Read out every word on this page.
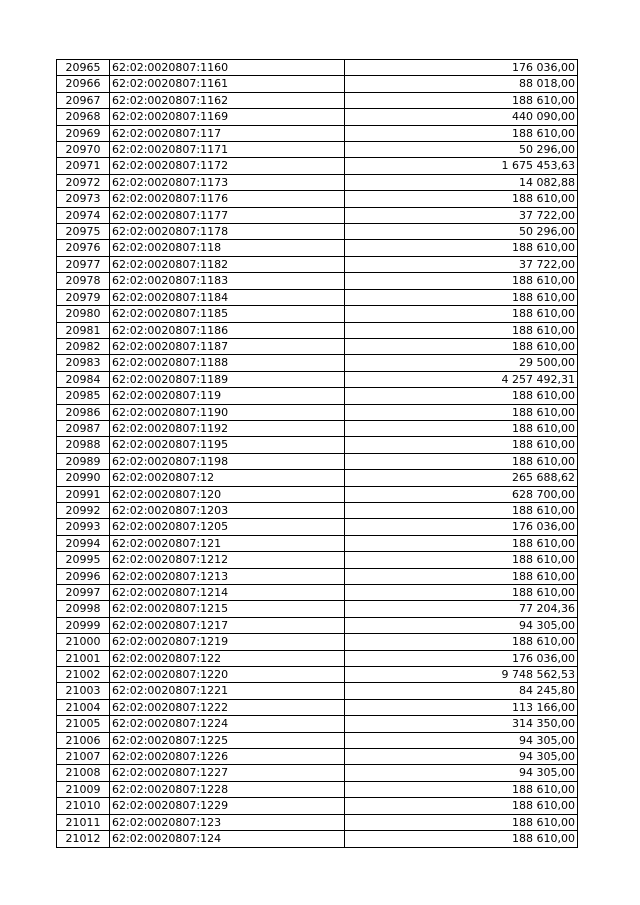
20965	62:02:0020807:1160	176 036,00
20966	62:02:0020807:1161	88 018,00
20967	62:02:0020807:1162	188 610,00
20968	62:02:0020807:1169	440 090,00
20969	62:02:0020807:117	188 610,00
20970	62:02:0020807:1171	50 296,00
20971	62:02:0020807:1172	1 675 453,63
20972	62:02:0020807:1173	14 082,88
20973	62:02:0020807:1176	188 610,00
20974	62:02:0020807:1177	37 722,00
20975	62:02:0020807:1178	50 296,00
20976	62:02:0020807:118	188 610,00
20977	62:02:0020807:1182	37 722,00
20978	62:02:0020807:1183	188 610,00
20979	62:02:0020807:1184	188 610,00
20980	62:02:0020807:1185	188 610,00
20981	62:02:0020807:1186	188 610,00
20982	62:02:0020807:1187	188 610,00
20983	62:02:0020807:1188	29 500,00
20984	62:02:0020807:1189	4 257 492,31
20985	62:02:0020807:119	188 610,00
20986	62:02:0020807:1190	188 610,00
20987	62:02:0020807:1192	188 610,00
20988	62:02:0020807:1195	188 610,00
20989	62:02:0020807:1198	188 610,00
20990	62:02:0020807:12	265 688,62
20991	62:02:0020807:120	628 700,00
20992	62:02:0020807:1203	188 610,00
20993	62:02:0020807:1205	176 036,00
20994	62:02:0020807:121	188 610,00
20995	62:02:0020807:1212	188 610,00
20996	62:02:0020807:1213	188 610,00
20997	62:02:0020807:1214	188 610,00
20998	62:02:0020807:1215	77 204,36
20999	62:02:0020807:1217	94 305,00
21000	62:02:0020807:1219	188 610,00
21001	62:02:0020807:122	176 036,00
21002	62:02:0020807:1220	9 748 562,53
21003	62:02:0020807:1221	84 245,80
21004	62:02:0020807:1222	113 166,00
21005	62:02:0020807:1224	314 350,00
21006	62:02:0020807:1225	94 305,00
21007	62:02:0020807:1226	94 305,00
21008	62:02:0020807:1227	94 305,00
21009	62:02:0020807:1228	188 610,00
21010	62:02:0020807:1229	188 610,00
21011	62:02:0020807:123	188 610,00
21012	62:02:0020807:124	188 610,00
